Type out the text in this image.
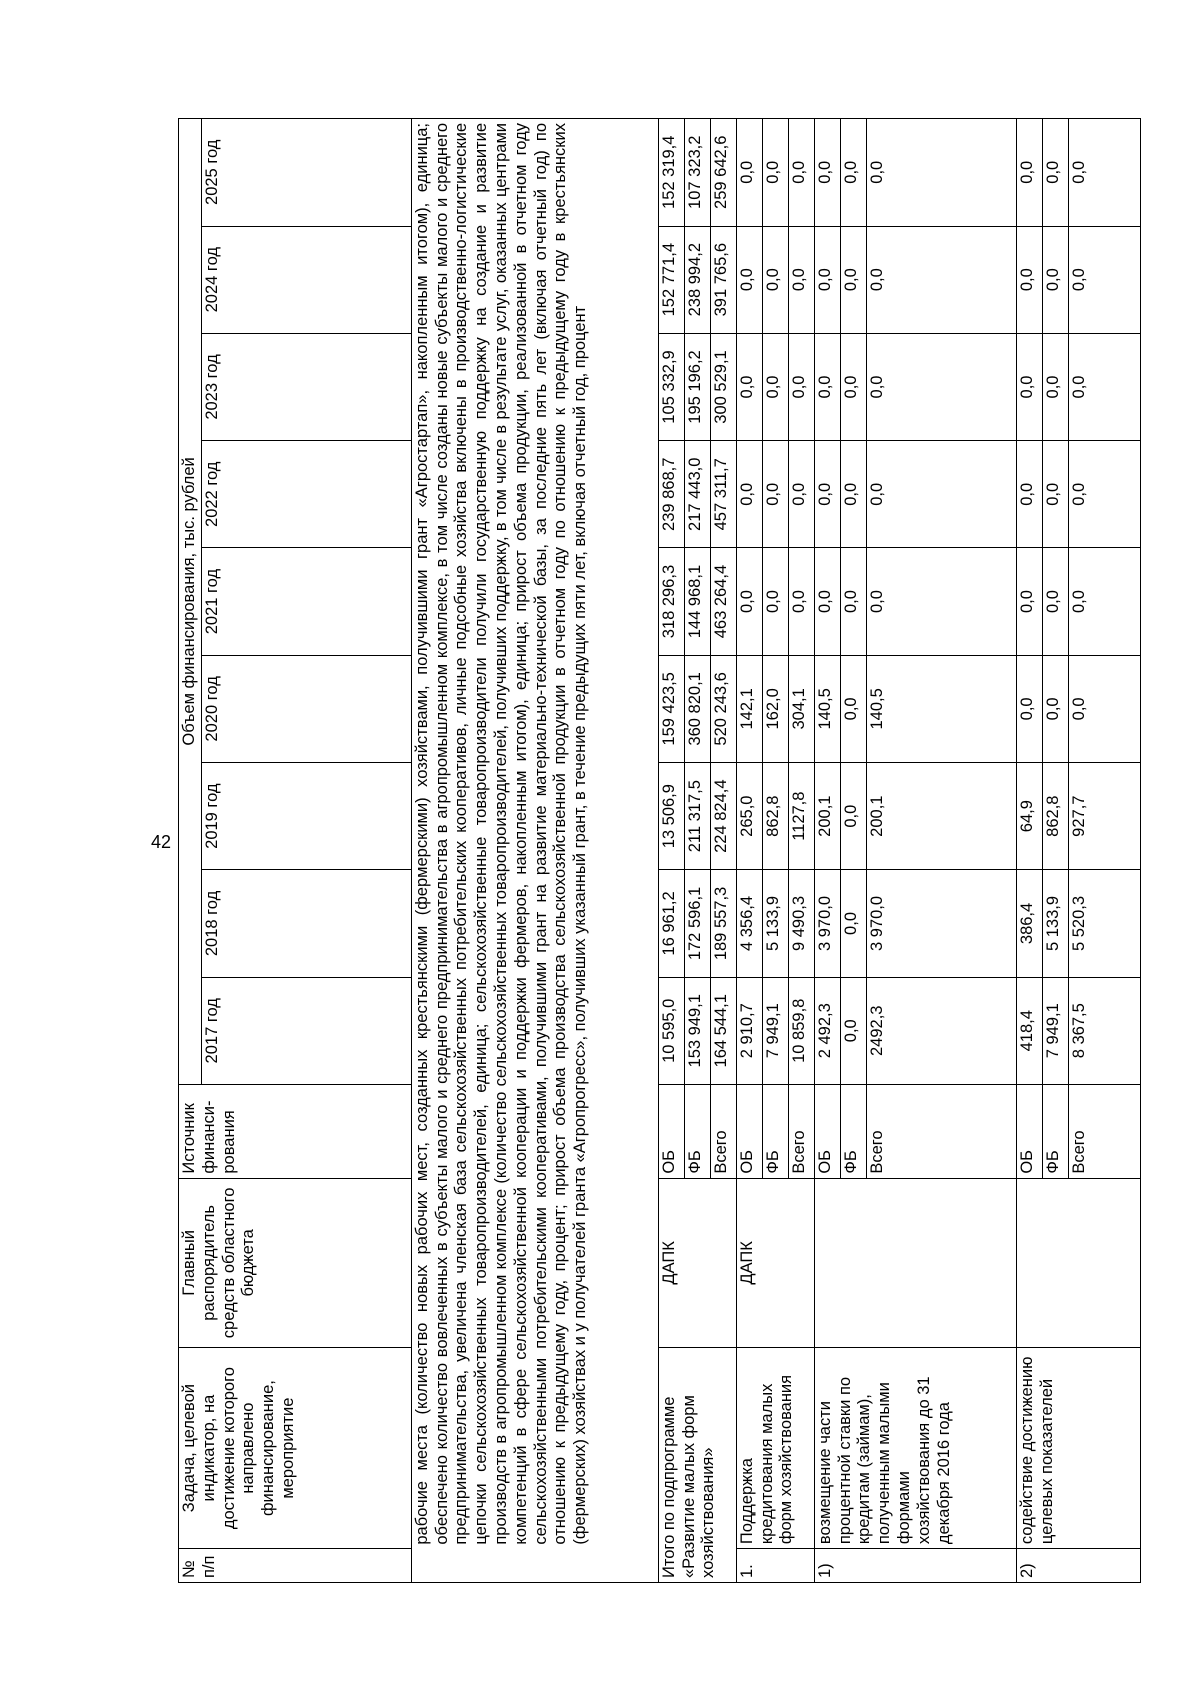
42
№ п/п	Задача, целевой индикатор, на достижение которого направлено финансирование, мероприятие	Главный распорядитель средств областного бюджета	Источник финанси-рования	Объем финансирования, тыс. рублей								
				2017 год	2018 год	2019 год	2020 год	2021 год	2022 год	2023 год	2024 год	2025 год
	рабочие места (количество новых рабочих мест, созданных крестьянскими (фермерскими) хозяйствами, получившими грант «Агростартап», накопленным итогом), единица; обеспечено количество вовлеченных в субъекты малого и среднего предпринимательства в агропромышленном комплексе, в том числе созданы новые субъекты малого и среднего предпринимательства, увеличена членская база сельскохозяйственных потребительских кооперативов, личные подсобные хозяйства включены в производственно-логистические цепочки сельскохозяйственных товаропроизводителей, единица; сельскохозяйственные товаропроизводители получили государственную поддержку на создание и развитие производств в агропромышленном комплексе (количество сельскохозяйственных товаропроизводителей, получивших поддержку, в том числе в результате услуг, оказанных центрами компетенций в сфере сельскохозяйственной кооперации и поддержки фермеров, накопленным итогом), единица; прирост объема продукции, реализованной в отчетном году сельскохозяйственными потребительскими кооперативами, получившими грант на развитие материально-технической базы, за последние пять лет (включая отчетный год) по отношению к предыдущему году, процент; прирост объема производства сельскохозяйственной продукции в отчетном году по отношению к предыдущему году в крестьянских (фермерских) хозяйствах и у получателей гранта «Агропрогресс», получивших указанный грант, в течение предыдущих пяти лет, включая отчетный год, процент											
Итого по подпрограмме «Развитие малых форм хозяйствования»		ДАПК	ОБ	10 595,0	16 961,2	13 506,9	159 423,5	318 296,3	239 868,7	105 332,9	152 771,4	152 319,4
			ФБ	153 949,1	172 596,1	211 317,5	360 820,1	144 968,1	217 443,0	195 196,2	238 994,2	107 323,2
			Всего	164 544,1	189 557,3	224 824,4	520 243,6	463 264,4	457 311,7	300 529,1	391 765,6	259 642,6
1.	Поддержка кредитования малых форм хозяйствования	ДАПК	ОБ	2 910,7	4 356,4	265,0	142,1	0,0	0,0	0,0	0,0	0,0
			ФБ	7 949,1	5 133,9	862,8	162,0	0,0	0,0	0,0	0,0	0,0
			Всего	10 859,8	9 490,3	1127,8	304,1	0,0	0,0	0,0	0,0	0,0
1)	возмещение части процентной ставки по кредитам (займам), полученным малыми формами хозяйствования до 31 декабря 2016 года		ОБ	2 492,3	3 970,0	200,1	140,5	0,0	0,0	0,0	0,0	0,0
			ФБ	0,0	0,0	0,0	0,0	0,0	0,0	0,0	0,0	0,0
			Всего	2492,3	3 970,0	200,1	140,5	0,0	0,0	0,0	0,0	0,0
2)	содействие достижению целевых показателей		ОБ	418,4	386,4	64,9	0,0	0,0	0,0	0,0	0,0	0,0
			ФБ	7 949,1	5 133,9	862,8	0,0	0,0	0,0	0,0	0,0	0,0
			Всего	8 367,5	5 520,3	927,7	0,0	0,0	0,0	0,0	0,0	0,0
